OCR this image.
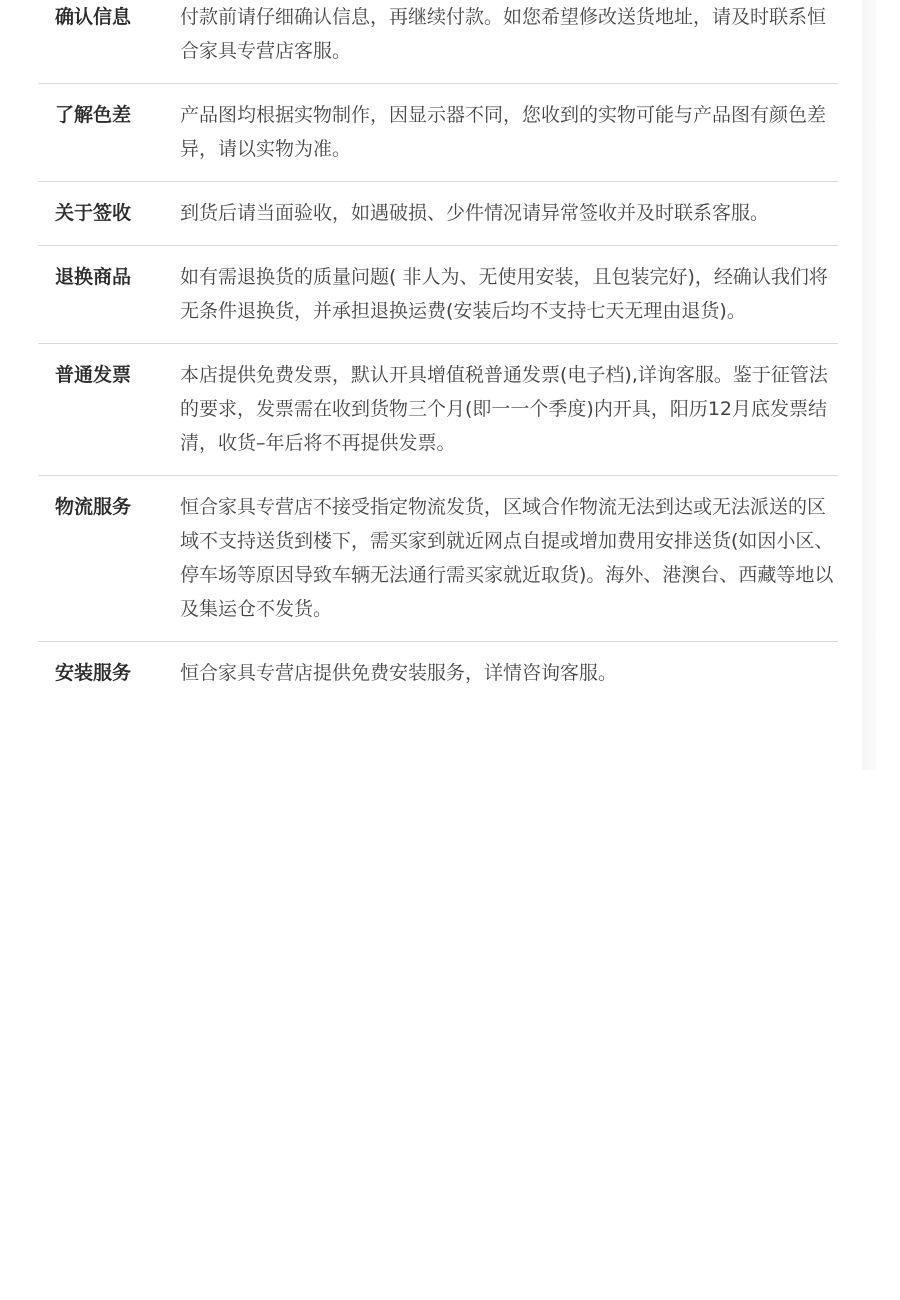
确认信息	付款前请仔细确认信息，再继续付款。如您希望修改送货地址，请及时联系恒合家具专营店客服。
了解色差	产品图均根据实物制作，因显示器不同，您收到的实物可能与产品图有颜色差异，请以实物为准。
关于签收	到货后请当面验收，如遇破损、少件情况请异常签收并及时联系客服。
退换商品	如有需退换货的质量问题( 非人为、无使用安装，且包装完好)，经确认我们将无条件退换货，并承担退换运费(安装后均不支持七天无理由退货)。
普通发票	本店提供免费发票，默认开具增值税普通发票(电子档),详询客服。鉴于征管法的要求，发票需在收到货物三个月(即一一个季度)内开具，阳历12月底发票结清，收货–年后将不再提供发票。
物流服务	恒合家具专营店不接受指定物流发货，区域合作物流无法到达或无法派送的区域不支持送货到楼下，需买家到就近网点自提或增加费用安排送货(如因小区、停车场等原因导致车辆无法通行需买家就近取货)。海外、港澳台、西藏等地以及集运仓不发货。
安装服务	恒合家具专营店提供免费安装服务，详情咨询客服。
